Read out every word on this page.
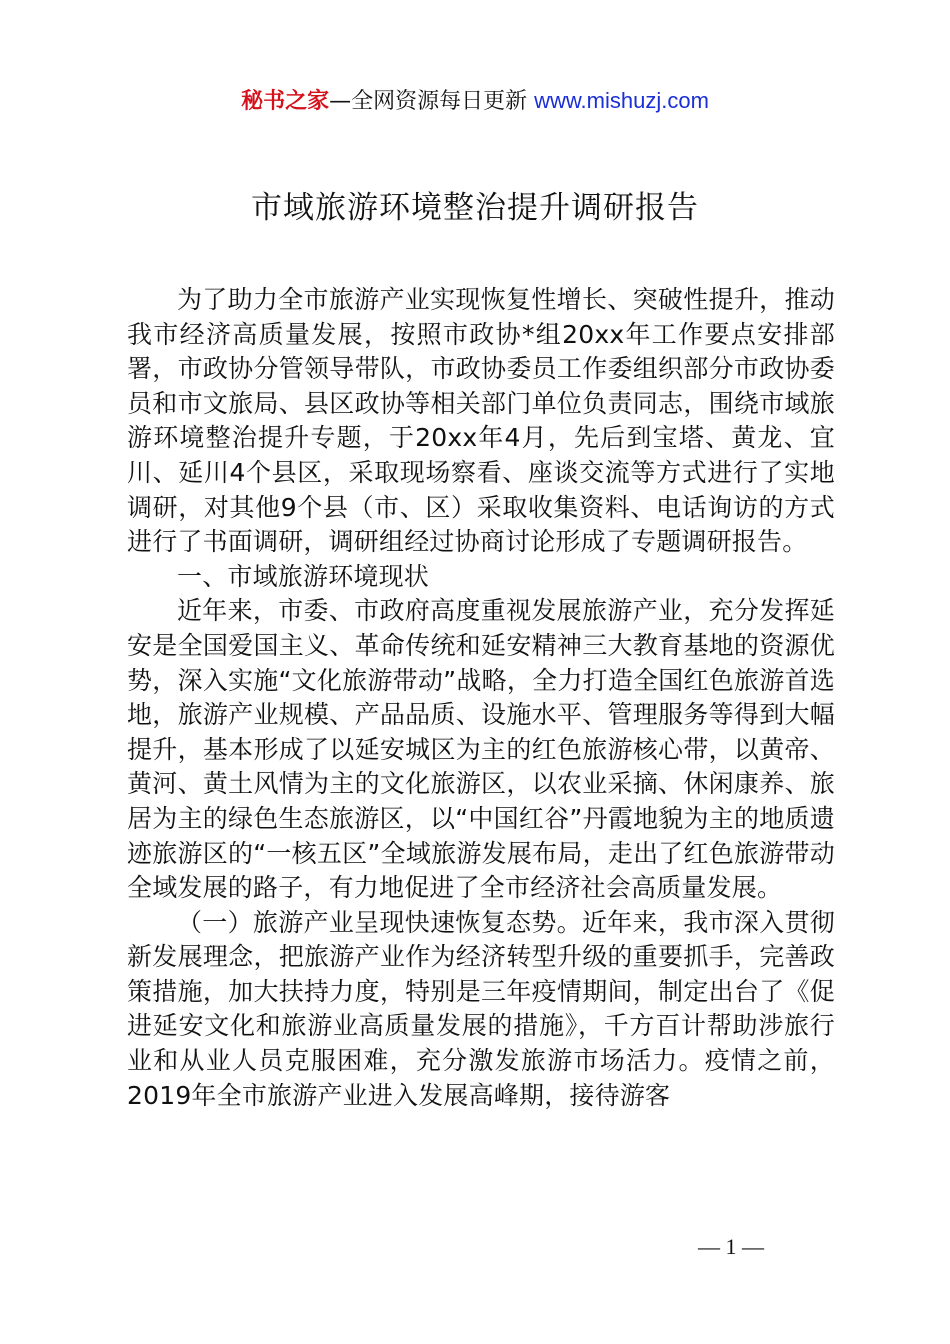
秘书之家—全网资源每日更新 www.mishuzj.com
市域旅游环境整治提升调研报告

为了助力全市旅游产业实现恢复性增长、突破性提升，推动我市经济高质量发展，按照市政协*组20xx年工作要点安排部署，市政协分管领导带队，市政协委员工作委组织部分市政协委员和市文旅局、县区政协等相关部门单位负责同志，围绕市域旅游环境整治提升专题，于20xx年4月，先后到宝塔、黄龙、宜川、延川4个县区，采取现场察看、座谈交流等方式进行了实地调研，对其他9个县（市、区）采取收集资料、电话询访的方式进行了书面调研，调研组经过协商讨论形成了专题调研报告。

一、市域旅游环境现状

近年来，市委、市政府高度重视发展旅游产业，充分发挥延安是全国爱国主义、革命传统和延安精神三大教育基地的资源优势，深入实施“文化旅游带动”战略，全力打造全国红色旅游首选地，旅游产业规模、产品品质、设施水平、管理服务等得到大幅提升，基本形成了以延安城区为主的红色旅游核心带，以黄帝、黄河、黄土风情为主的文化旅游区，以农业采摘、休闲康养、旅居为主的绿色生态旅游区，以“中国红谷”丹霞地貌为主的地质遗迹旅游区的“一核五区”全域旅游发展布局，走出了红色旅游带动全域发展的路子，有力地促进了全市经济社会高质量发展。

（一）旅游产业呈现快速恢复态势。近年来，我市深入贯彻新发展理念，把旅游产业作为经济转型升级的重要抓手，完善政策措施，加大扶持力度，特别是三年疫情期间，制定出台了《促进延安文化和旅游业高质量发展的措施》，千方百计帮助涉旅行业和从业人员克服困难，充分激发旅游市场活力。疫情之前，2019年全市旅游产业进入发展高峰期，接待游客

— 1 —
